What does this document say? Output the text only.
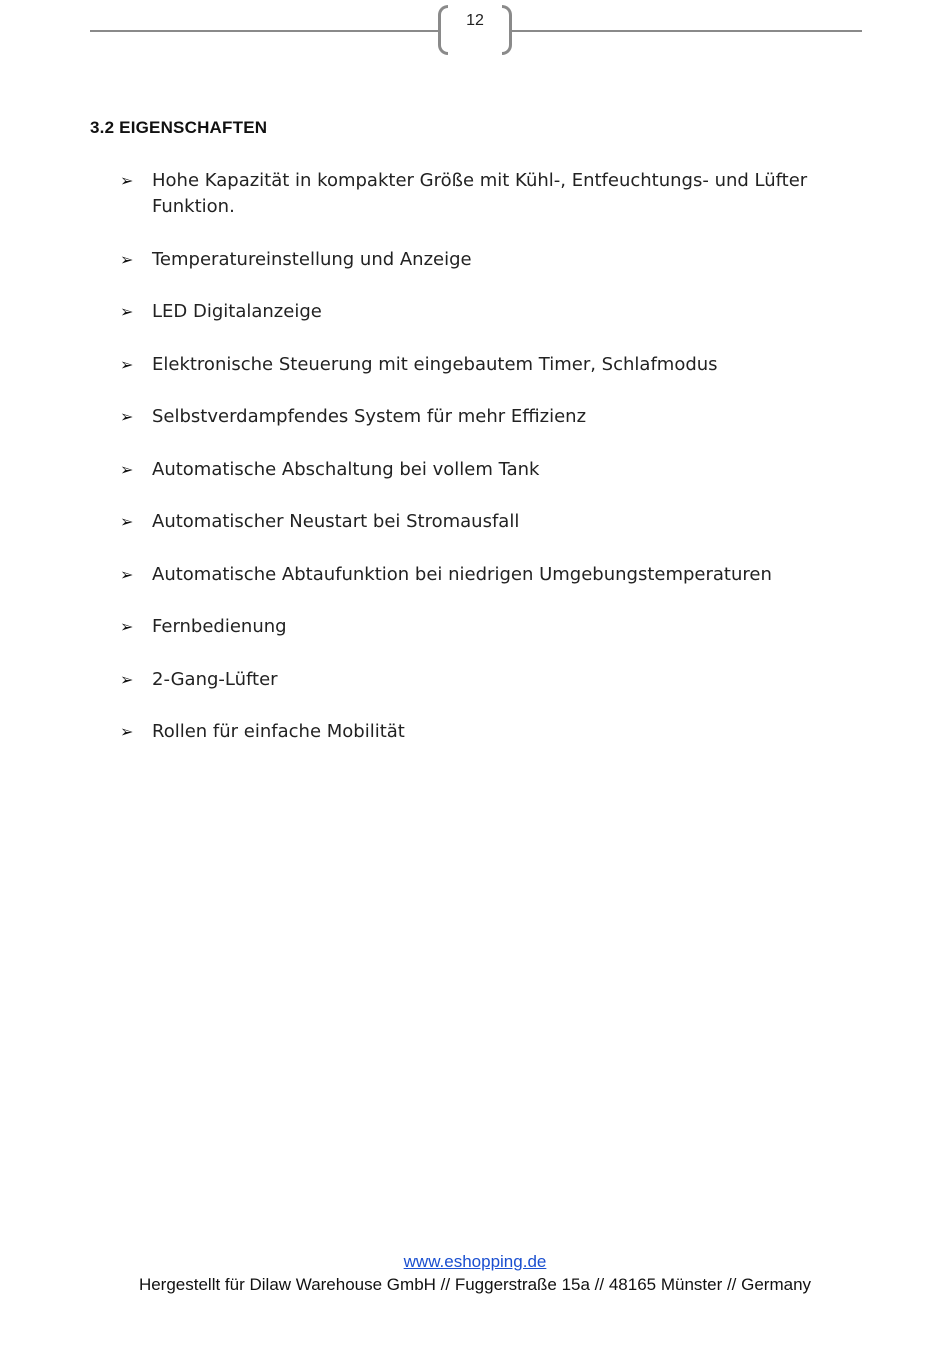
12
3.2 EIGENSCHAFTEN
➢ Hohe Kapazität in kompakter Größe mit Kühl-, Entfeuchtungs- und Lüfter Funktion.
➢ Temperatureinstellung und Anzeige
➢ LED Digitalanzeige
➢ Elektronische Steuerung mit eingebautem Timer, Schlafmodus
➢ Selbstverdampfendes System für mehr Effizienz
➢ Automatische Abschaltung bei vollem Tank
➢ Automatischer Neustart bei Stromausfall
➢ Automatische Abtaufunktion bei niedrigen Umgebungstemperaturen
➢ Fernbedienung
➢ 2-Gang-Lüfter
➢ Rollen für einfache Mobilität
www.eshopping.de
Hergestellt für Dilaw Warehouse GmbH // Fuggerstraße 15a // 48165 Münster // Germany
